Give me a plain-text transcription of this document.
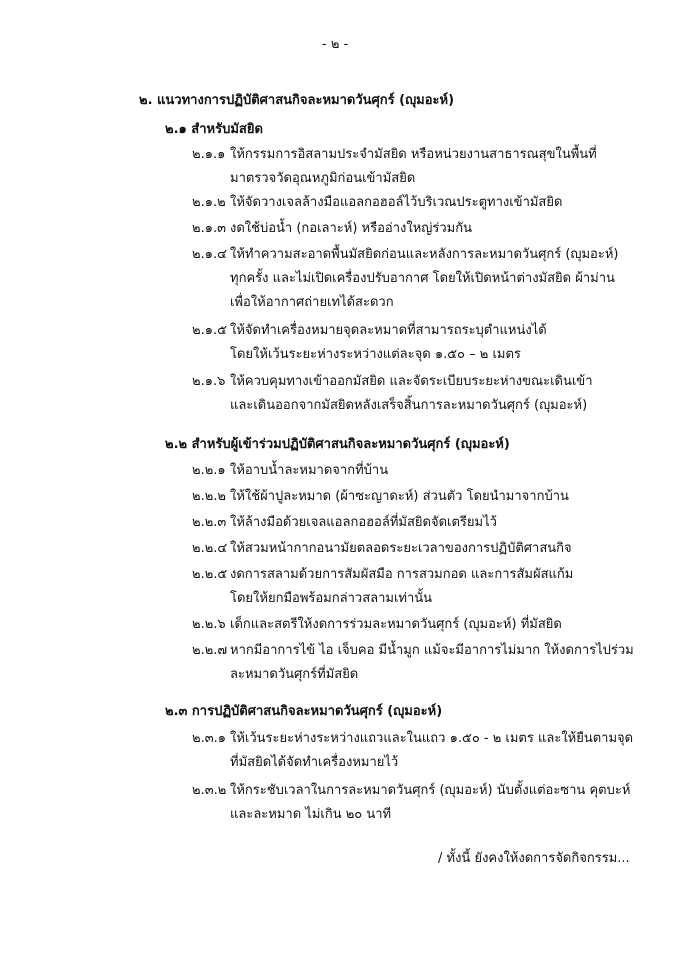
- ๒ -
๒. แนวทางการปฏิบัติศาสนกิจละหมาดวันศุกร์ (ญุมอะห์)
๒.๑ สำหรับมัสยิด
๒.๑.๑ ให้กรรมการอิสลามประจำมัสยิด หรือหน่วยงานสาธารณสุขในพื้นที่
มาตรวจวัดอุณหภูมิก่อนเข้ามัสยิด
๒.๑.๒ ให้จัดวางเจลล้างมือแอลกอฮอล์ไว้บริเวณประตูทางเข้ามัสยิด
๒.๑.๓ งดใช้บ่อน้ำ (กอเลาะห์) หรืออ่างใหญ่ร่วมกัน
๒.๑.๔ ให้ทำความสะอาดพื้นมัสยิดก่อนและหลังการละหมาดวันศุกร์ (ญุมอะห์)
ทุกครั้ง และไม่เปิดเครื่องปรับอากาศ โดยให้เปิดหน้าต่างมัสยิด ผ้าม่าน
เพื่อให้อากาศถ่ายเทได้สะดวก
๒.๑.๕ ให้จัดทำเครื่องหมายจุดละหมาดที่สามารถระบุตำแหน่งได้
โดยให้เว้นระยะห่างระหว่างแต่ละจุด ๑.๕๐ – ๒ เมตร
๒.๑.๖ ให้ควบคุมทางเข้าออกมัสยิด และจัดระเบียบระยะห่างขณะเดินเข้า
และเดินออกจากมัสยิดหลังเสร็จสิ้นการละหมาดวันศุกร์ (ญุมอะห์)
๒.๒ สำหรับผู้เข้าร่วมปฏิบัติศาสนกิจละหมาดวันศุกร์ (ญุมอะห์)
๒.๒.๑ ให้อาบน้ำละหมาดจากที่บ้าน
๒.๒.๒ ให้ใช้ผ้าปูละหมาด (ผ้าซะญาดะห์) ส่วนตัว โดยนำมาจากบ้าน
๒.๒.๓ ให้ล้างมือด้วยเจลแอลกอฮอล์ที่มัสยิดจัดเตรียมไว้
๒.๒.๔ ให้สวมหน้ากากอนามัยตลอดระยะเวลาของการปฏิบัติศาสนกิจ
๒.๒.๕ งดการสลามด้วยการสัมผัสมือ การสวมกอด และการสัมผัสแก้ม
โดยให้ยกมือพร้อมกล่าวสลามเท่านั้น
๒.๒.๖ เด็กและสตรีให้งดการร่วมละหมาดวันศุกร์ (ญุมอะห์) ที่มัสยิด
๒.๒.๗ หากมีอาการไข้ ไอ เจ็บคอ มีน้ำมูก แม้จะมีอาการไม่มาก ให้งดการไปร่วม
ละหมาดวันศุกร์ที่มัสยิด
๒.๓ การปฏิบัติศาสนกิจละหมาดวันศุกร์ (ญุมอะห์)
๒.๓.๑ ให้เว้นระยะห่างระหว่างแถวและในแถว ๑.๕๐ - ๒ เมตร และให้ยืนตามจุด
ที่มัสยิดได้จัดทำเครื่องหมายไว้
๒.๓.๒ ให้กระชับเวลาในการละหมาดวันศุกร์ (ญุมอะห์) นับตั้งแต่อะซาน คุตบะห์
และละหมาด ไม่เกิน ๒๐ นาที
/ ทั้งนี้ ยังคงให้งดการจัดกิจกรรม...
